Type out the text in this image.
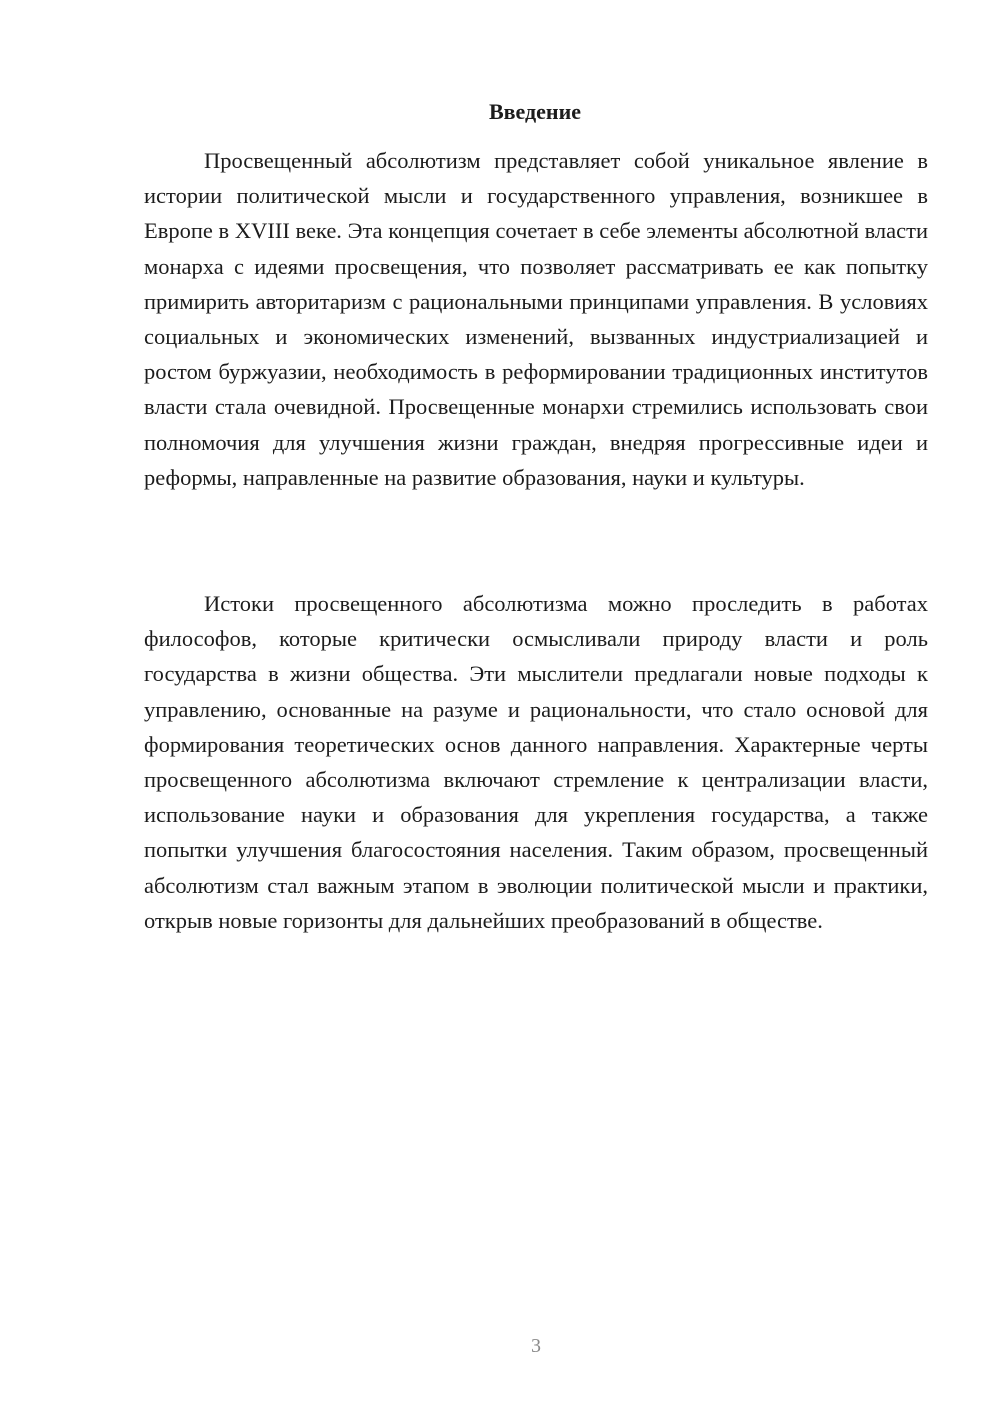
Введение

Просвещенный абсолютизм представляет собой уникальное явление в истории политической мысли и государственного управления, возникшее в Европе в XVIII веке. Эта концепция сочетает в себе элементы абсолютной власти монарха с идеями просвещения, что позволяет рассматривать ее как попытку примирить авторитаризм с рациональными принципами управления. В условиях социальных и экономических изменений, вызванных индустриализацией и ростом буржуазии, необходимость в реформировании традиционных институтов власти стала очевидной. Просвещенные монархи стремились использовать свои полномочия для улучшения жизни граждан, внедряя прогрессивные идеи и реформы, направленные на развитие образования, науки и культуры.

Истоки просвещенного абсолютизма можно проследить в работах философов, которые критически осмысливали природу власти и роль государства в жизни общества. Эти мыслители предлагали новые подходы к управлению, основанные на разуме и рациональности, что стало основой для формирования теоретических основ данного направления. Характерные черты просвещенного абсолютизма включают стремление к централизации власти, использование науки и образования для укрепления государства, а также попытки улучшения благосостояния населения. Таким образом, просвещенный абсолютизм стал важным этапом в эволюции политической мысли и практики, открыв новые горизонты для дальнейших преобразований в обществе.

3
